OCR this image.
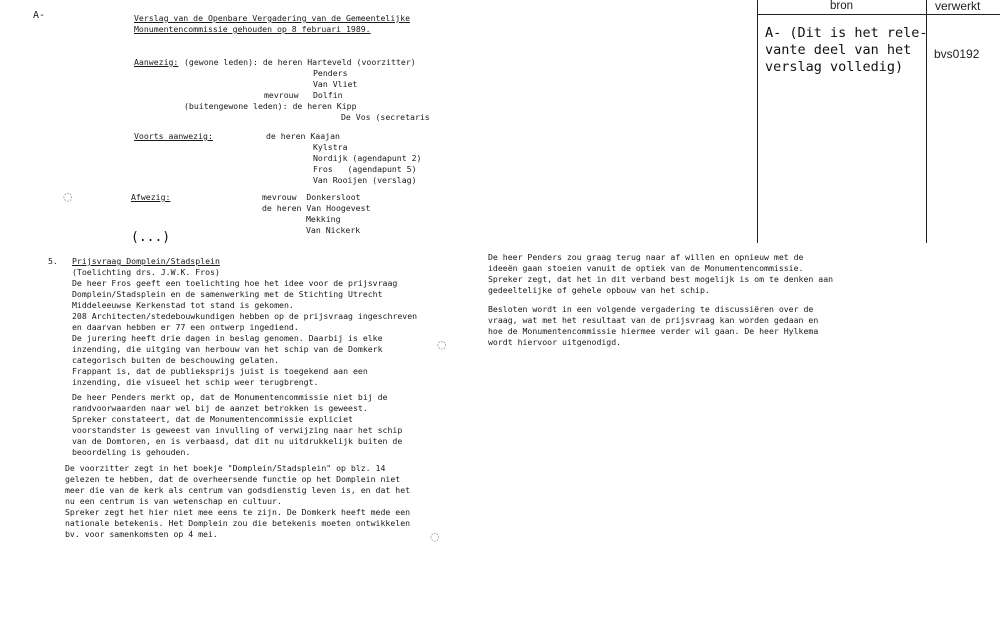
A-	Verslag van de Openbare Vergadering van de Gemeentelijke
Monumentencommissie gehouden op 8 februari 1989.
Aanwezig: (gewone leden): de heren Harteveld (voorzitter)
Penders
Van Vliet
mevrouw Dolfin
(buitengewone leden): de heren Kipp
De Vos (secretaris
Voorts aanwezig:	de heren Kaajan
Kylstra
Nordijk (agendapunt 2)
Fros   (agendapunt 5)
Van Rooijen (verslag)
Afwezig:	mevrouw  Donkersloot
de heren Van Hoogevest
Mekking
Van Nickerk
(...)
◌
◌
◌
5. Prijsvraag Domplein/Stadsplein
(Toelichting drs. J.W.K. Fros)
De heer Fros geeft een toelichting hoe het idee voor de prijsvraag
Domplein/Stadsplein en de samenwerking met de Stichting Utrecht
Middeleeuwse Kerkenstad tot stand is gekomen.
208 Architecten/stedebouwkundigen hebben op de prijsvraag ingeschreven
en daarvan hebben er 77 een ontwerp ingediend.
De jurering heeft drie dagen in beslag genomen. Daarbij is elke
inzending, die uitging van herbouw van het schip van de Domkerk
categorisch buiten de beschouwing gelaten.
Frappant is, dat de publieksprijs juist is toegekend aan een
inzending, die visueel het schip weer terugbrengt.
De heer Penders merkt op, dat de Monumentencommissie niet bij de
randvoorwaarden naar wel bij de aanzet betrokken is geweest.
Spreker constateert, dat de Monumentencommissie expliciet
voorstandster is geweest van invulling of verwijzing naar het schip
van de Domtoren, en is verbaasd, dat dit nu uitdrukkelijk buiten de
beoordeling is gehouden.
De voorzitter zegt in het boekje "Domplein/Stadsplein" op blz. 14
gelezen te hebben, dat de overheersende functie op het Domplein niet
meer die van de kerk als centrum van godsdienstig leven is, en dat het
nu een centrum is van wetenschap en cultuur.
Spreker zegt het hier niet mee eens te zijn. De Domkerk heeft mede een
nationale betekenis. Het Domplein zou die betekenis moeten ontwikkelen
bv. voor samenkomsten op 4 mei.
De heer Penders zou graag terug naar af willen en opnieuw met de
ideeën gaan stoeien vanuit de optiek van de Monumentencommissie.
Spreker zegt, dat het in dit verband best mogelijk is om te denken aan
gedeeltelijke of gehele opbouw van het schip.
Besloten wordt in een volgende vergadering te discussiëren over de
vraag, wat met het resultaat van de prijsvraag kan worden gedaan en
hoe de Monumentencommissie hiermee verder wil gaan. De heer Hylkema
wordt hiervoor uitgenodigd.
bron	verwerkt
A- (Dit is het rele-
vante deel van het
verslag volledig)
bvs0192
